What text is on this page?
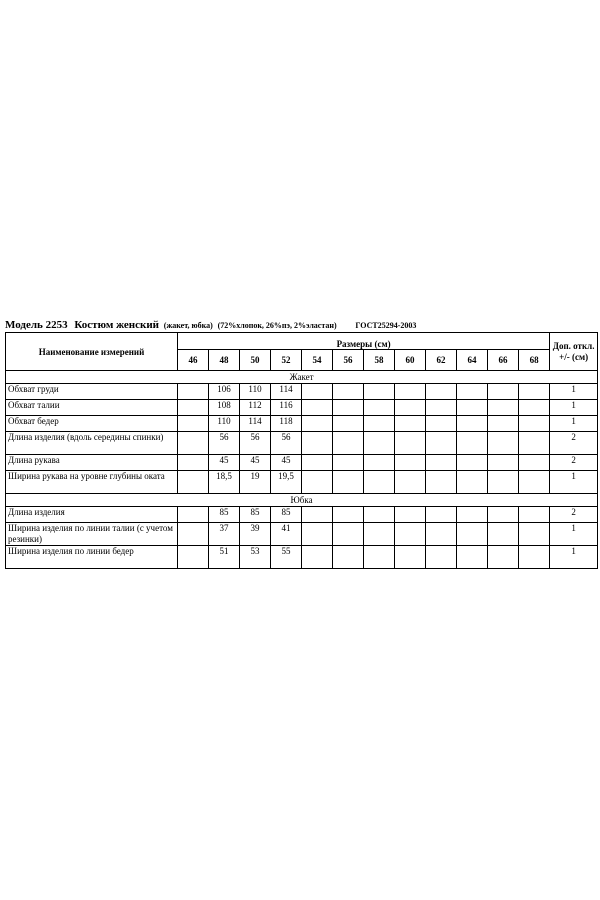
Модель 2253 Костюм женский (жакет, юбка) (72%хлопок, 26%пэ, 2%эластан) ГОСТ25294-2003
Наименование измерений	Размеры (см)												Доп. откл. +/- (см)
	46	48	50	52	54	56	58	60	62	64	66	68	
Жакет													
Обхват груди		106	110	114									1
Обхват талии		108	112	116									1
Обхват бедер		110	114	118									1
Длина изделия (вдоль середины спинки)		56	56	56									2
Длина рукава		45	45	45									2
Ширина рукава на уровне глубины оката		18,5	19	19,5									1
Юбка													
Длина изделия		85	85	85									2
Ширина изделия по линии талии (с учетом резинки)		37	39	41									1
Ширина изделия по линии бедер		51	53	55									1
